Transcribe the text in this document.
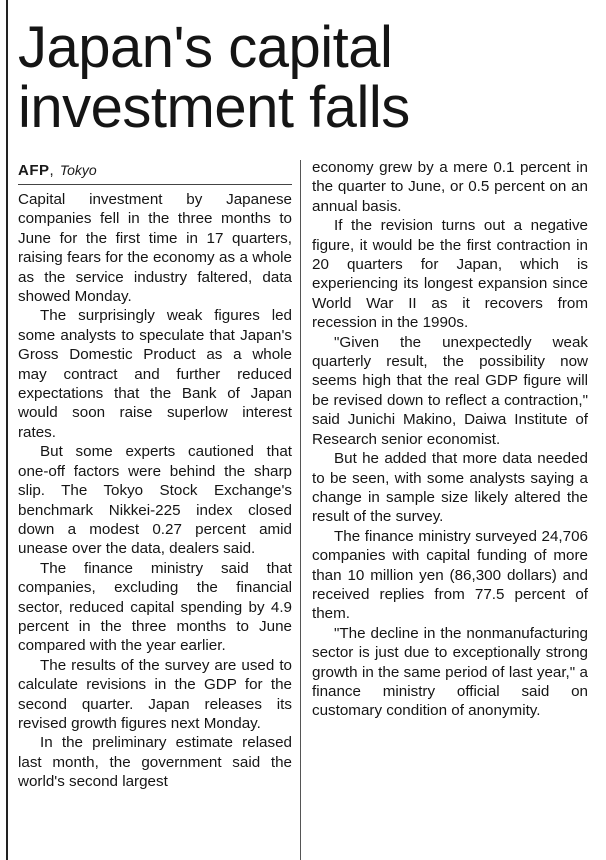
Japan's capital investment falls
AFP, Tokyo

Capital investment by Japanese companies fell in the three months to June for the first time in 17 quarters, raising fears for the economy as a whole as the service industry faltered, data showed Monday.

The surprisingly weak figures led some analysts to speculate that Japan's Gross Domestic Product as a whole may contract and further reduced expectations that the Bank of Japan would soon raise superlow interest rates.

But some experts cautioned that one-off factors were behind the sharp slip. The Tokyo Stock Exchange's benchmark Nikkei-225 index closed down a modest 0.27 percent amid unease over the data, dealers said.

The finance ministry said that companies, excluding the financial sector, reduced capital spending by 4.9 percent in the three months to June compared with the year earlier.

The results of the survey are used to calculate revisions in the GDP for the second quarter. Japan releases its revised growth figures next Monday.

In the preliminary estimate relased last month, the government said the world's second largest

economy grew by a mere 0.1 percent in the quarter to June, or 0.5 percent on an annual basis.

If the revision turns out a negative figure, it would be the first contraction in 20 quarters for Japan, which is experiencing its longest expansion since World War II as it recovers from recession in the 1990s.

"Given the unexpectedly weak quarterly result, the possibility now seems high that the real GDP figure will be revised down to reflect a contraction," said Junichi Makino, Daiwa Institute of Research senior economist.

But he added that more data needed to be seen, with some analysts saying a change in sample size likely altered the result of the survey.

The finance ministry surveyed 24,706 companies with capital funding of more than 10 million yen (86,300 dollars) and received replies from 77.5 percent of them.

"The decline in the nonmanufacturing sector is just due to exceptionally strong growth in the same period of last year," a finance ministry official said on customary condition of anonymity.
